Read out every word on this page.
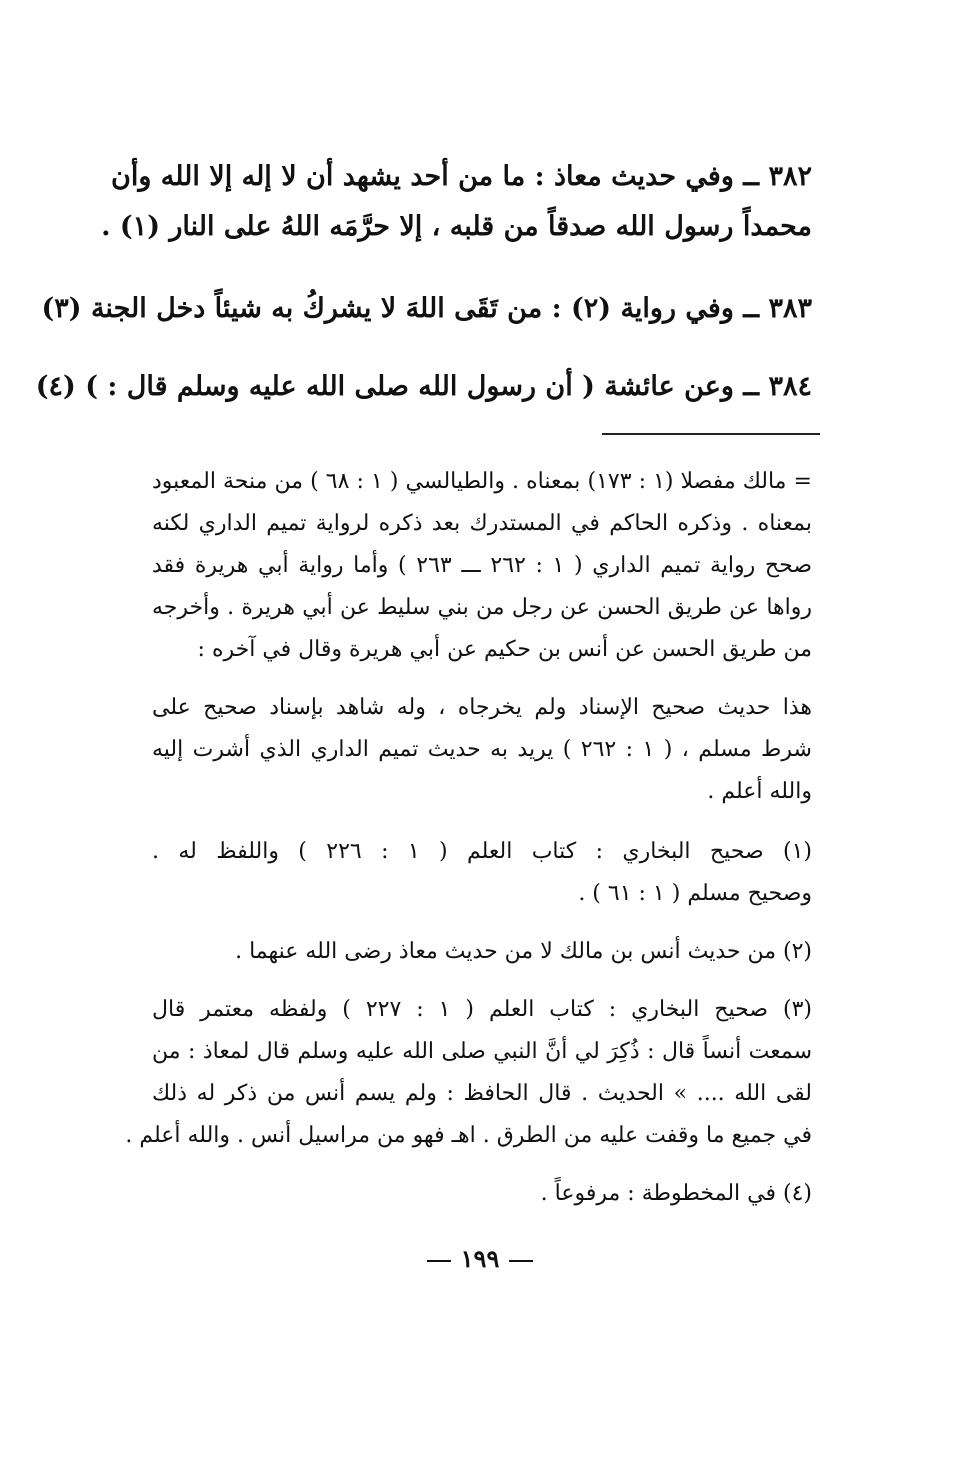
٣٨٢ ــ وفي حديث معاذ : ما من أحد يشهد أن لا إله إلا الله وأن
محمداً رسول الله صدقاً من قلبه ، إلا حرَّمَه اللهُ على النار (١) .
٣٨٣ ــ وفي رواية (٢) : من تَقَى اللهَ لا يشركُ به شيئاً دخل الجنة (٣)
٣٨٤ ــ وعن عائشة ( أن رسول الله صلى الله عليه وسلم قال : ) (٤)
= مالك مفصلا (١ : ١٧٣) بمعناه . والطيالسي ( ١ : ٦٨ ) من منحة المعبود
بمعناه . وذكره الحاكم في المستدرك بعد ذكره لرواية تميم الداري لكنه
صحح رواية تميم الداري ( ١ : ٢٦٢ ـــ ٢٦٣ ) وأما رواية أبي هريرة فقد
رواها عن طريق الحسن عن رجل من بني سليط عن أبي هريرة . وأخرجه
من طريق الحسن عن أنس بن حكيم عن أبي هريرة وقال في آخره :
هذا حديث صحيح الإسناد ولم يخرجاه ، وله شاهد بإسناد صحيح على
شرط مسلم ، ( ١ : ٢٦٢ ) يريد به حديث تميم الداري الذي أشرت إليه
والله أعلم .
(١) صحيح البخاري : كتاب العلم ( ١ : ٢٢٦ ) واللفظ له .
وصحيح مسلم ( ١ : ٦١ ) .
(٢) من حديث أنس بن مالك لا من حديث معاذ رضى الله عنهما .
(٣) صحيح البخاري : كتاب العلم ( ١ : ٢٢٧ ) ولفظه معتمر قال
سمعت أنساً قال : ذُكِرَ لي أنَّ النبي صلى الله عليه وسلم قال لمعاذ : من
لقى الله .... » الحديث . قال الحافظ : ولم يسم أنس من ذكر له ذلك
في جميع ما وقفت عليه من الطرق . اهـ فهو من مراسيل أنس . والله أعلم .
(٤) في المخطوطة : مرفوعاً .
١٩٩
